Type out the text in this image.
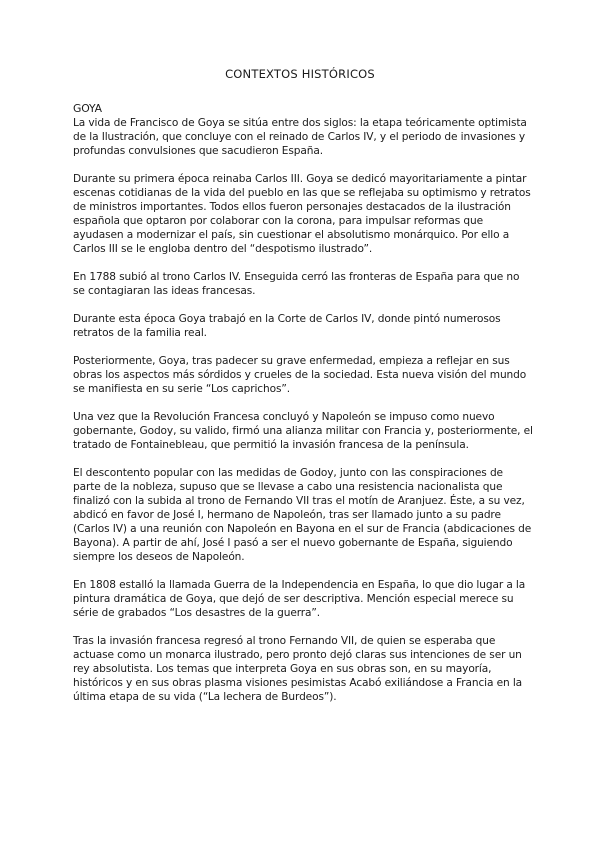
CONTEXTOS HISTÓRICOS
GOYA

La vida de Francisco de Goya se sitúa entre dos siglos: la etapa teóricamente optimista de la Ilustración, que concluye con el reinado de Carlos IV, y el periodo de invasiones y profundas convulsiones que sacudieron España.

Durante su primera época reinaba Carlos III. Goya se dedicó mayoritariamente a pintar escenas cotidianas de la vida del pueblo en las que se reflejaba su optimismo y retratos de ministros importantes. Todos ellos fueron personajes destacados de la ilustración española que optaron por colaborar con la corona, para impulsar reformas que ayudasen a modernizar el país, sin cuestionar el absolutismo monárquico. Por ello a Carlos III se le engloba dentro del “despotismo ilustrado”.

En 1788 subió al trono Carlos IV. Enseguida cerró las fronteras de España para que no se contagiaran las ideas francesas.

Durante esta época Goya trabajó en la Corte de Carlos IV, donde pintó numerosos retratos de la familia real.

Posteriormente, Goya, tras padecer su grave enfermedad, empieza a reflejar en sus obras los aspectos más sórdidos y crueles de la sociedad. Esta nueva visión del mundo se manifiesta en su serie “Los caprichos”.

Una vez que la Revolución Francesa concluyó y Napoleón se impuso como nuevo gobernante, Godoy, su valido, firmó una alianza militar con Francia y, posteriormente, el tratado de Fontainebleau, que permitió la invasión francesa de la península.

El descontento popular con las medidas de Godoy, junto con las conspiraciones de parte de la nobleza, supuso que se llevase a cabo una resistencia nacionalista que finalizó con la subida al trono de Fernando VII tras el motín de Aranjuez. Éste, a su vez, abdicó en favor de José I, hermano de Napoleón, tras ser llamado junto a su padre (Carlos IV) a una reunión con Napoleón en Bayona en el sur de Francia (abdicaciones de Bayona). A partir de ahí, José I pasó a ser el nuevo gobernante de España, siguiendo siempre los deseos de Napoleón.

En 1808 estalló la llamada Guerra de la Independencia en España, lo que dio lugar a la pintura dramática de Goya, que dejó de ser descriptiva. Mención especial merece su série de grabados “Los desastres de la guerra”.

Tras la invasión francesa regresó al trono Fernando VII, de quien se esperaba que actuase como un monarca ilustrado, pero pronto dejó claras sus intenciones de ser un rey absolutista. Los temas que interpreta Goya en sus obras son, en su mayoría, históricos y en sus obras plasma visiones pesimistas Acabó exiliándose a Francia en la última etapa de su vida (“La lechera de Burdeos”).
